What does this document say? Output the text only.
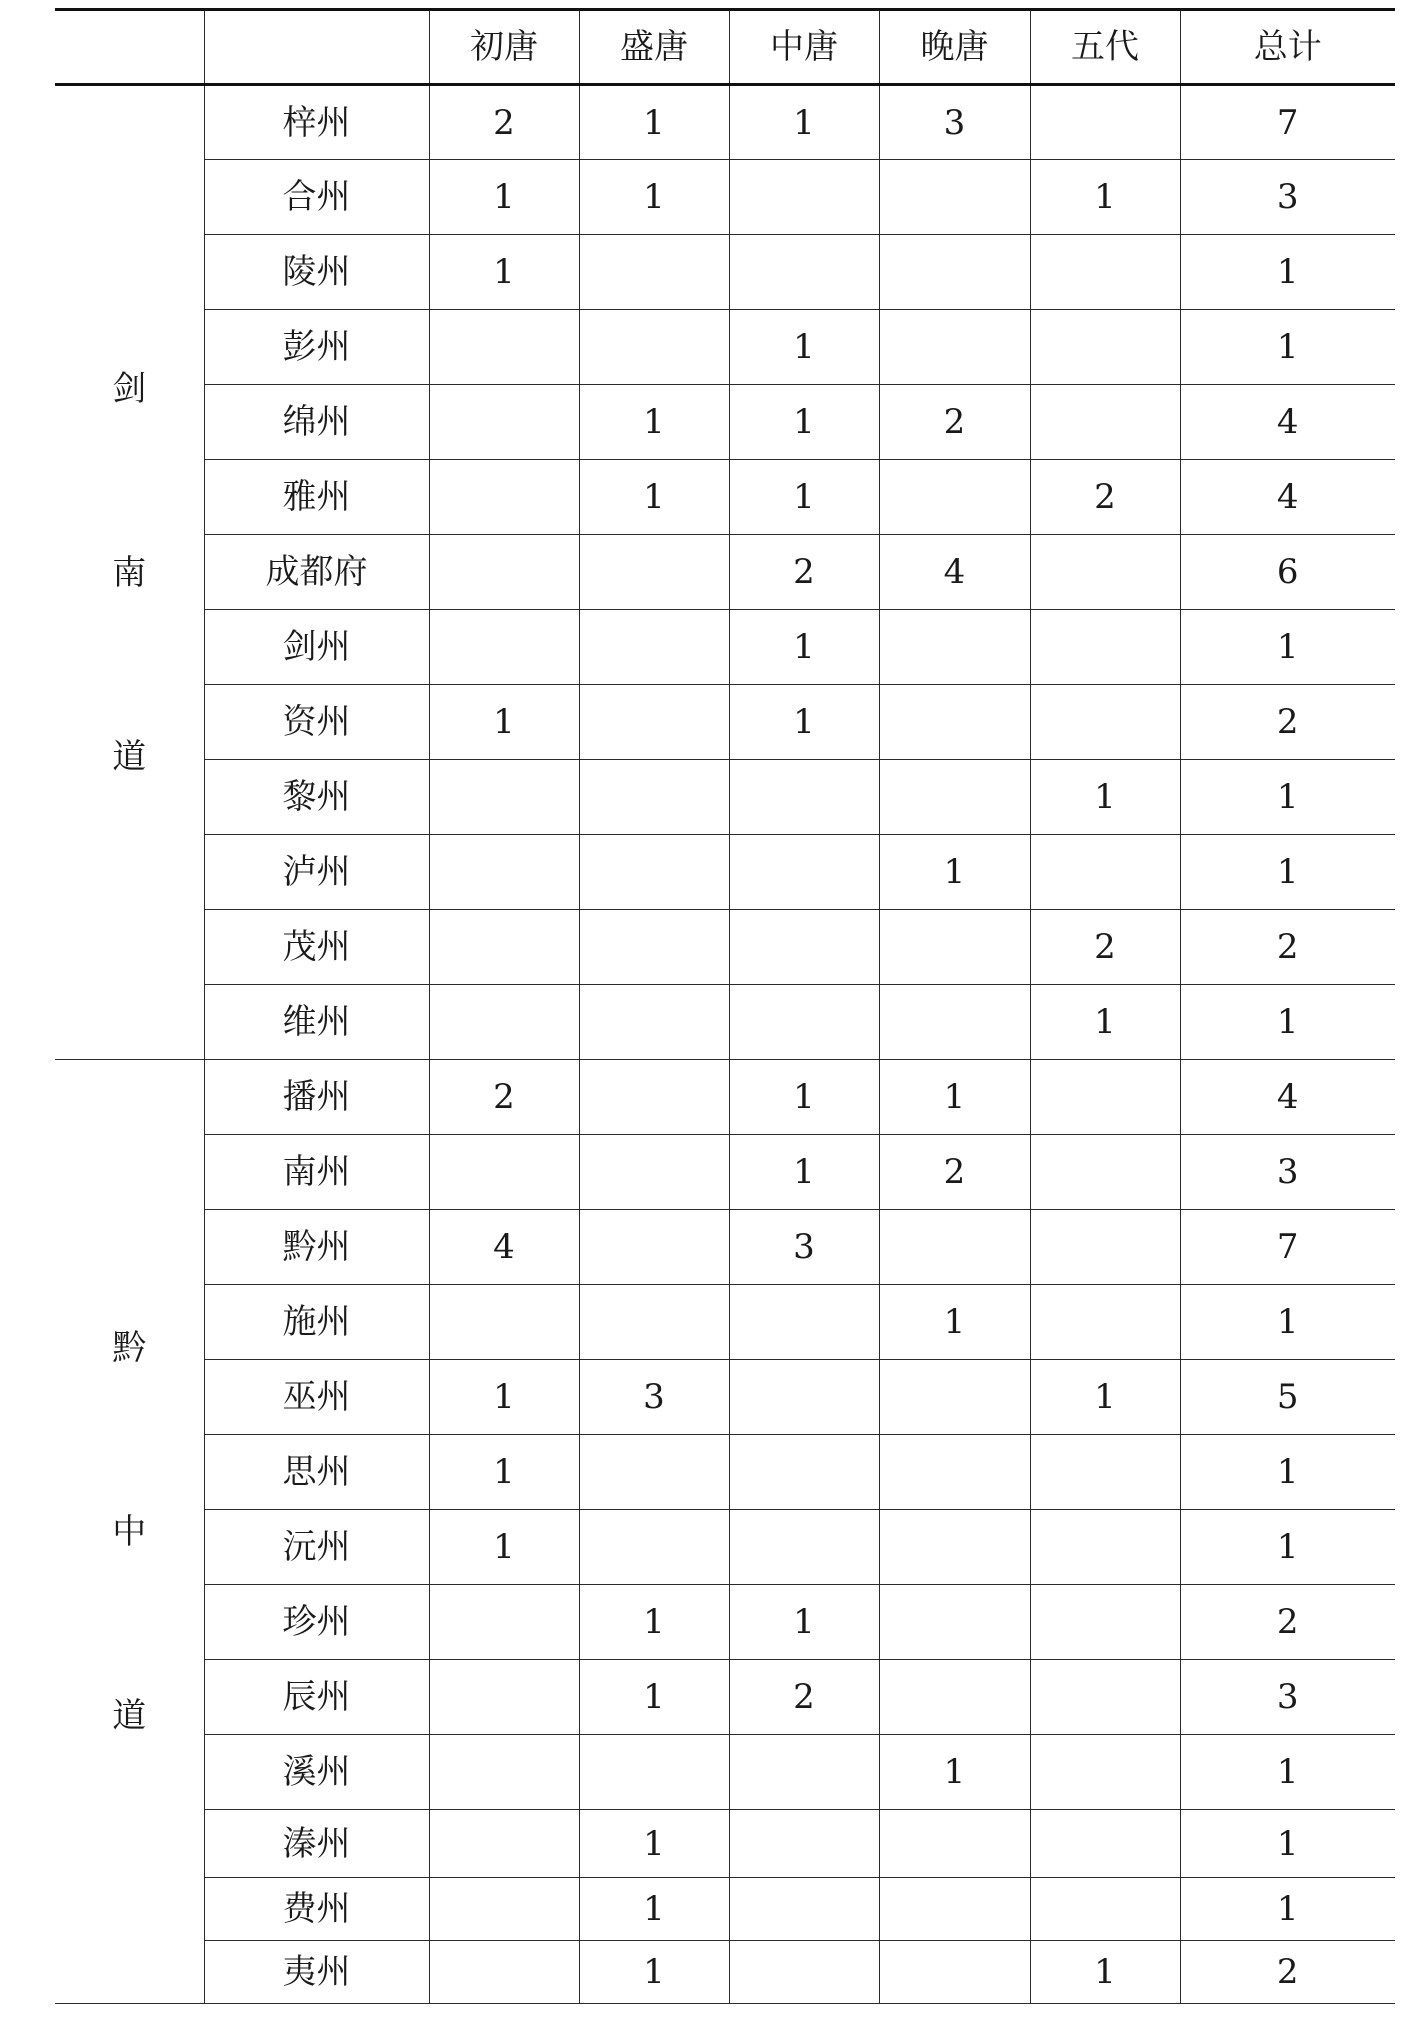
		初唐	盛唐	中唐	晚唐	五代	总计

剑
南
道	梓州	2	1	1	3		7
	合州	1	1			1	3
	陵州	1					1
	彭州			1			1
	绵州		1	1	2		4
	雅州		1	1		2	4
	成都府			2	4		6
	剑州			1			1
	资州	1		1			2
	黎州					1	1
	泸州				1		1
	茂州					2	2
	维州					1	1

黔
中
道	播州	2		1	1		4
	南州			1	2		3
	黔州	4		3			7
	施州				1		1
	巫州	1	3			1	5
	思州	1					1
	沅州	1					1
	珍州		1	1			2
	辰州		1	2			3
	溪州				1		1
	溱州		1				1
	费州		1				1
	夷州		1			1	2
